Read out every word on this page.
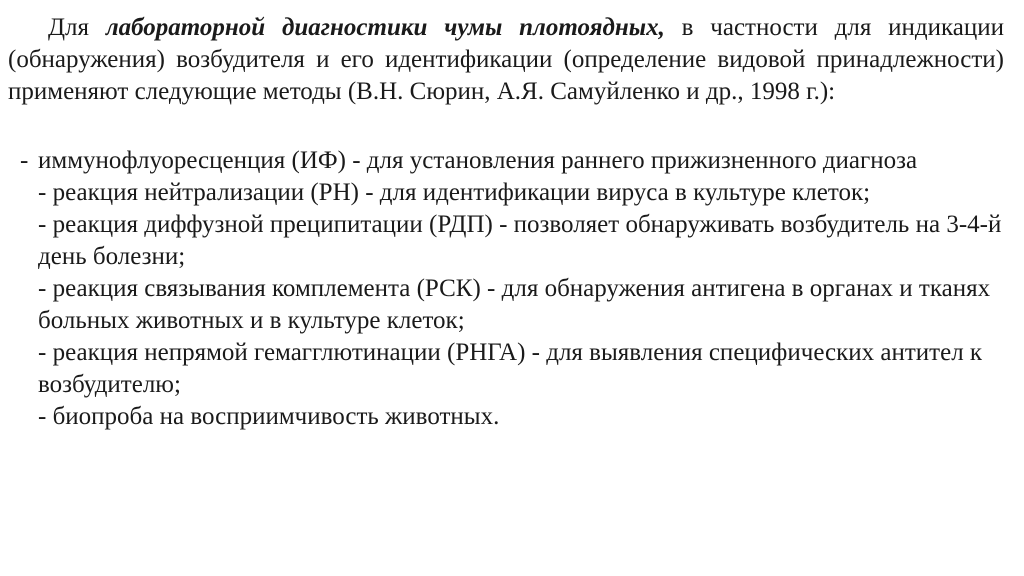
Для лабораторной диагностики чумы плотоядных, в частности для индикации (обнаружения) возбудителя и его идентификации (определение видовой принадлежности) применяют следующие методы (В.Н. Сюрин, А.Я. Самуйленко и др., 1998 г.):

- иммунофлуоресценция (ИФ) - для установления раннего прижизненного диагноза
- реакция нейтрализации (РН) - для идентификации вируса в культуре клеток;
- реакция диффузной преципитации (РДП) - позволяет обнаруживать возбудитель на 3-4-й день болезни;
- реакция связывания комплемента (РСК) - для обнаружения антигена в органах и тканях больных животных и в культуре клеток;
- реакция непрямой гемагглютинации (РНГА) - для выявления специфических антител к возбудителю;
- биопроба на восприимчивость животных.
